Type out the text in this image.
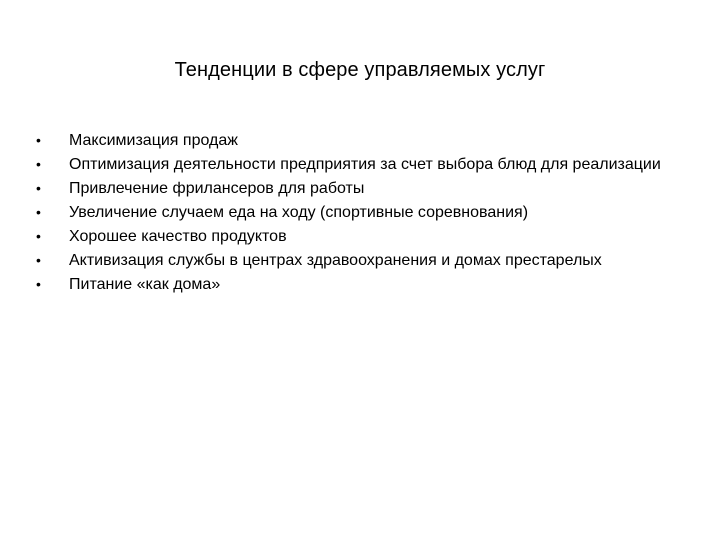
Тенденции в сфере управляемых услуг
•	Максимизация продаж
•	Оптимизация деятельности предприятия за счет выбора блюд для реализации
•	Привлечение фрилансеров для работы
•	Увеличение случаем еда на ходу (спортивные соревнования)
•	Хорошее качество продуктов
•	Активизация службы в центрах здравоохранения и домах престарелых
•	Питание «как дома»
